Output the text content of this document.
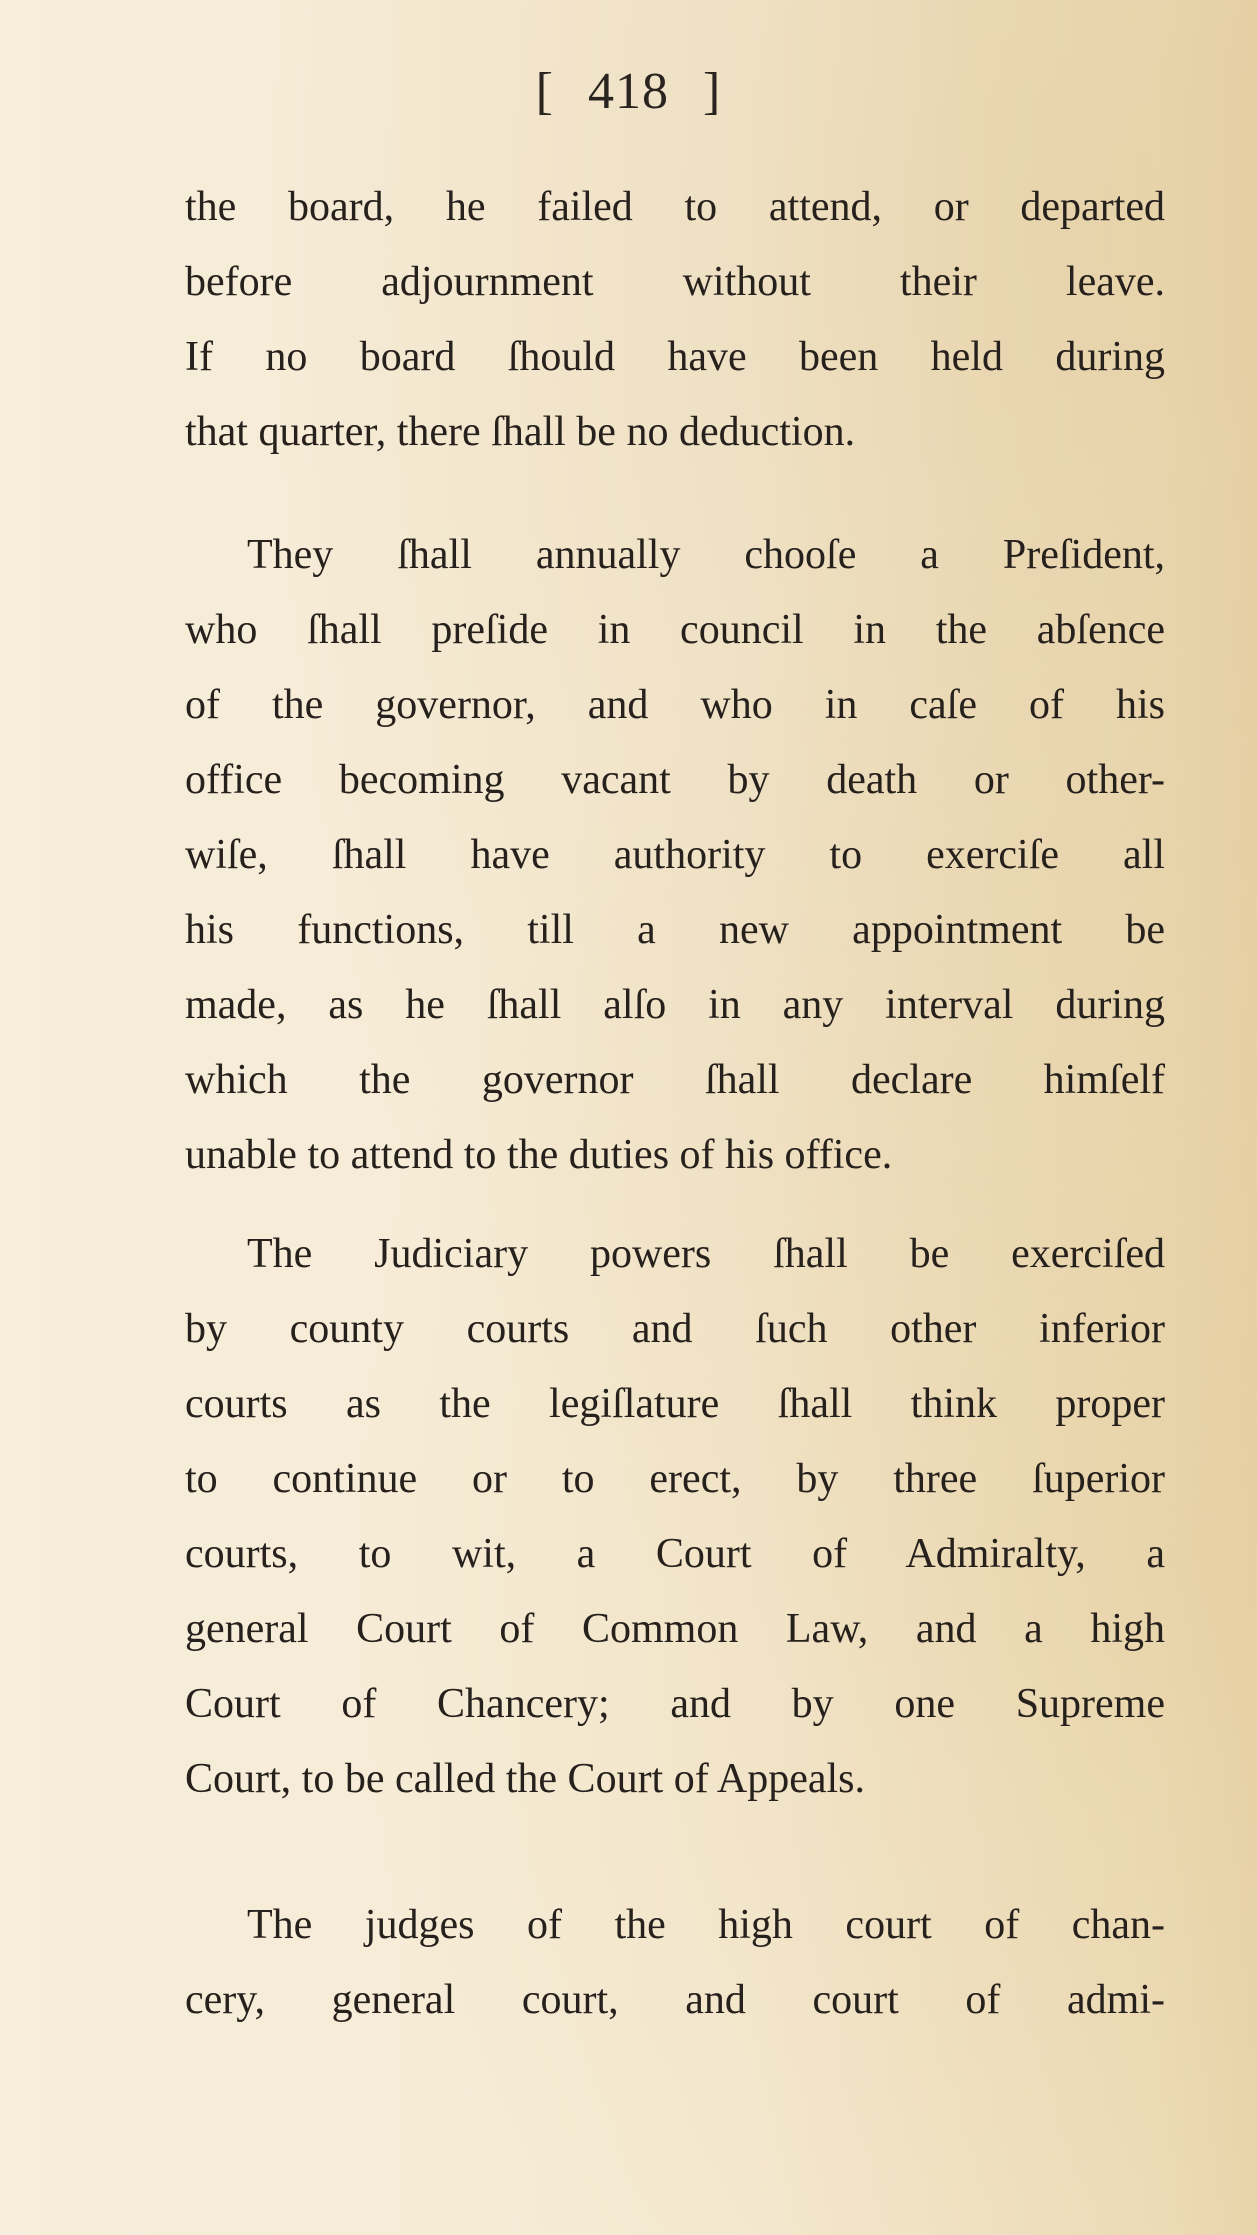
[ 418 ]
the board, he failed to attend, or departed
before adjournment without their leave.
If no board ſhould have been held during
that quarter, there ſhall be no deduction.
They ſhall annually chooſe a Preſident,
who ſhall preſide in council in the abſence
of the governor, and who in caſe of his
office becoming vacant by death or other-
wiſe, ſhall have authority to exerciſe all
his functions, till a new appointment be
made, as he ſhall alſo in any interval during
which the governor ſhall declare himſelf
unable to attend to the duties of his office.
The Judiciary powers ſhall be exerciſed
by county courts and ſuch other inferior
courts as the legiſlature ſhall think proper
to continue or to erect, by three ſuperior
courts, to wit, a Court of Admiralty, a
general Court of Common Law, and a high
Court of Chancery; and by one Supreme
Court, to be called the Court of Appeals.
The judges of the high court of chan-
cery, general court, and court of admi-
